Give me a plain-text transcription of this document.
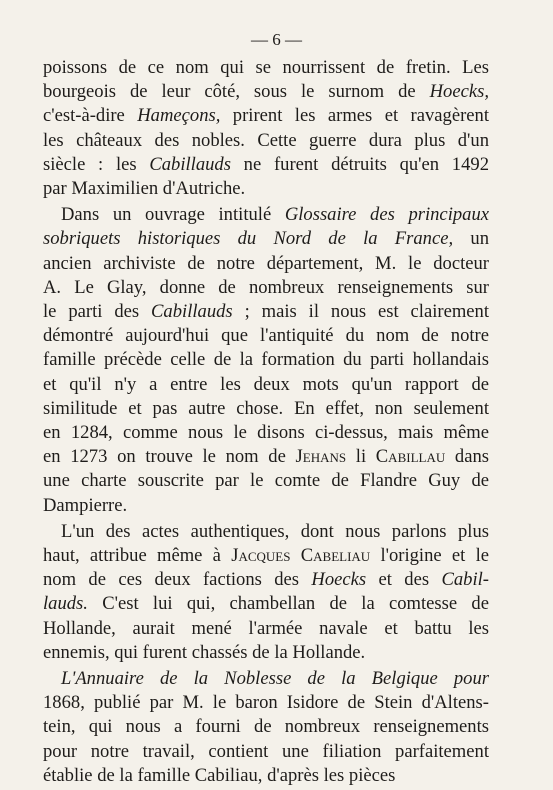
— 6 —
poissons de ce nom qui se nourrissent de fretin. Les
bourgeois de leur côté, sous le surnom de Hoecks,
c'est-à-dire Hameçons, prirent les armes et ravagèrent
les châteaux des nobles. Cette guerre dura plus d'un
siècle : les Cabillauds ne furent détruits qu'en 1492
par Maximilien d'Autriche.
Dans un ouvrage intitulé Glossaire des principaux
sobriquets historiques du Nord de la France, un
ancien archiviste de notre département, M. le docteur
A. Le Glay, donne de nombreux renseignements sur
le parti des Cabillauds ; mais il nous est clairement
démontré aujourd'hui que l'antiquité du nom de notre
famille précède celle de la formation du parti hollandais
et qu'il n'y a entre les deux mots qu'un rapport de
similitude et pas autre chose. En effet, non seulement
en 1284, comme nous le disons ci-dessus, mais même
en 1273 on trouve le nom de Jehans li Cabillau dans
une charte souscrite par le comte de Flandre Guy de
Dampierre.
L'un des actes authentiques, dont nous parlons plus
haut, attribue même à Jacques Cabeliau l'origine et le
nom de ces deux factions des Hoecks et des Cabil-
lauds. C'est lui qui, chambellan de la comtesse de
Hollande, aurait mené l'armée navale et battu les
ennemis, qui furent chassés de la Hollande.
L'Annuaire de la Noblesse de la Belgique pour
1868, publié par M. le baron Isidore de Stein d'Altens-
tein, qui nous a fourni de nombreux renseignements
pour notre travail, contient une filiation parfaitement
établie de la famille Cabiliau, d'après les pièces
